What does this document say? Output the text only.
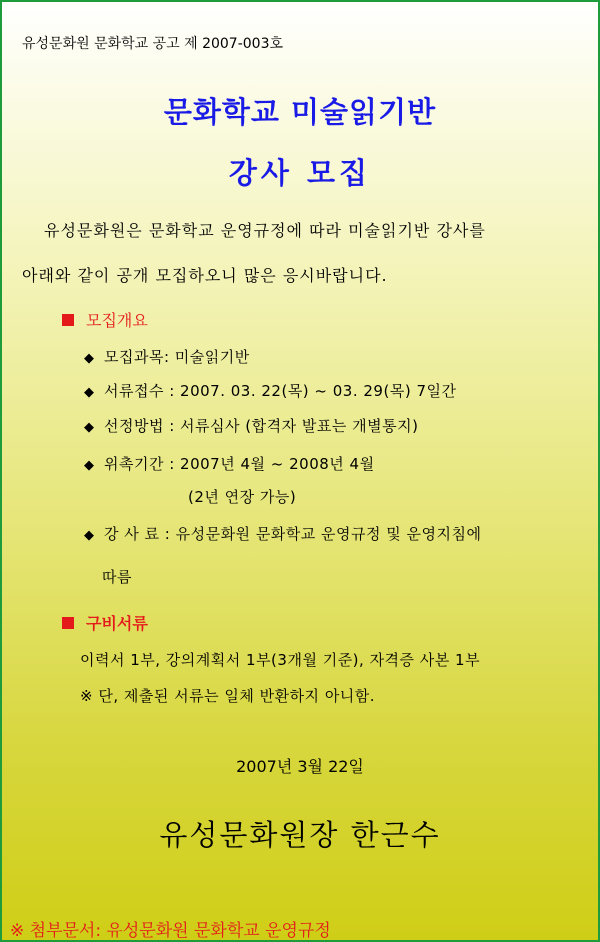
유성문화원 문화학교 공고 제 2007-003호
문화학교 미술읽기반
강사 모집
유성문화원은 문화학교 운영규정에 따라 미술읽기반 강사를
아래와 같이 공개 모집하오니 많은 응시바랍니다.
모집개요
◆ 모집과목: 미술읽기반
◆ 서류접수 : 2007. 03. 22(목) ~ 03. 29(목) 7일간
◆ 선정방법 : 서류심사 (합격자 발표는 개별통지)
◆ 위촉기간 : 2007년 4월 ~ 2008년 4월
(2년 연장 가능)
◆ 강 사 료 : 유성문화원 문화학교 운영규정 및 운영지침에
따름
구비서류
이력서 1부, 강의계획서 1부(3개월 기준), 자격증 사본 1부
※ 단, 제출된 서류는 일체 반환하지 아니함.
2007년 3월 22일
유성문화원장 한근수
※ 첨부문서: 유성문화원 문화학교 운영규정
